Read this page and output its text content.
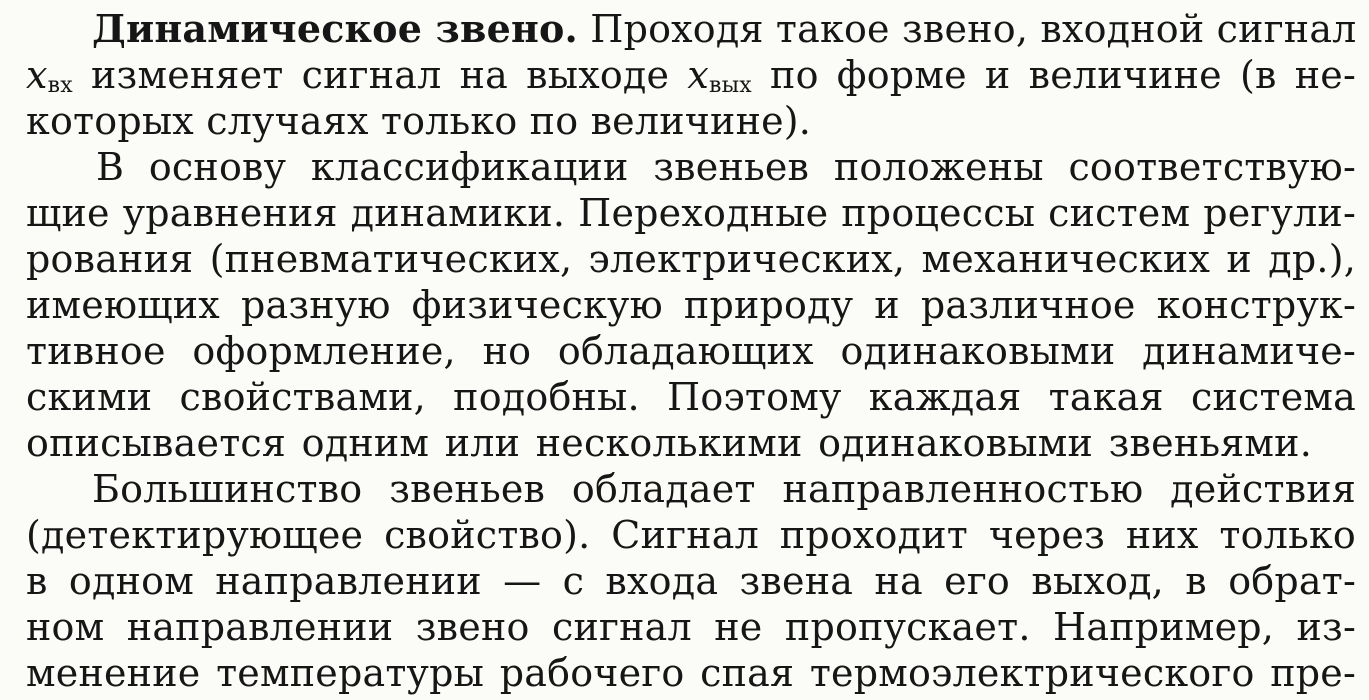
Динамическое звено. Проходя такое звено, входной сигнал
xвх изменяет сигнал на выходе xвых по форме и величине (в не-
которых случаях только по величине).
В основу классификации звеньев положены соответствую-
щие уравнения динамики. Переходные процессы систем регули-
рования (пневматических, электрических, механических и др.),
имеющих разную физическую природу и различное конструк-
тивное оформление, но обладающих одинаковыми динамиче-
скими свойствами, подобны. Поэтому каждая такая система
описывается одним или несколькими одинаковыми звеньями.
Большинство звеньев обладает направленностью действия
(детектирующее свойство). Сигнал проходит через них только
в одном направлении — с входа звена на его выход, в обрат-
ном направлении звено сигнал не пропускает. Например, из-
менение температуры рабочего спая термоэлектрического пре-
